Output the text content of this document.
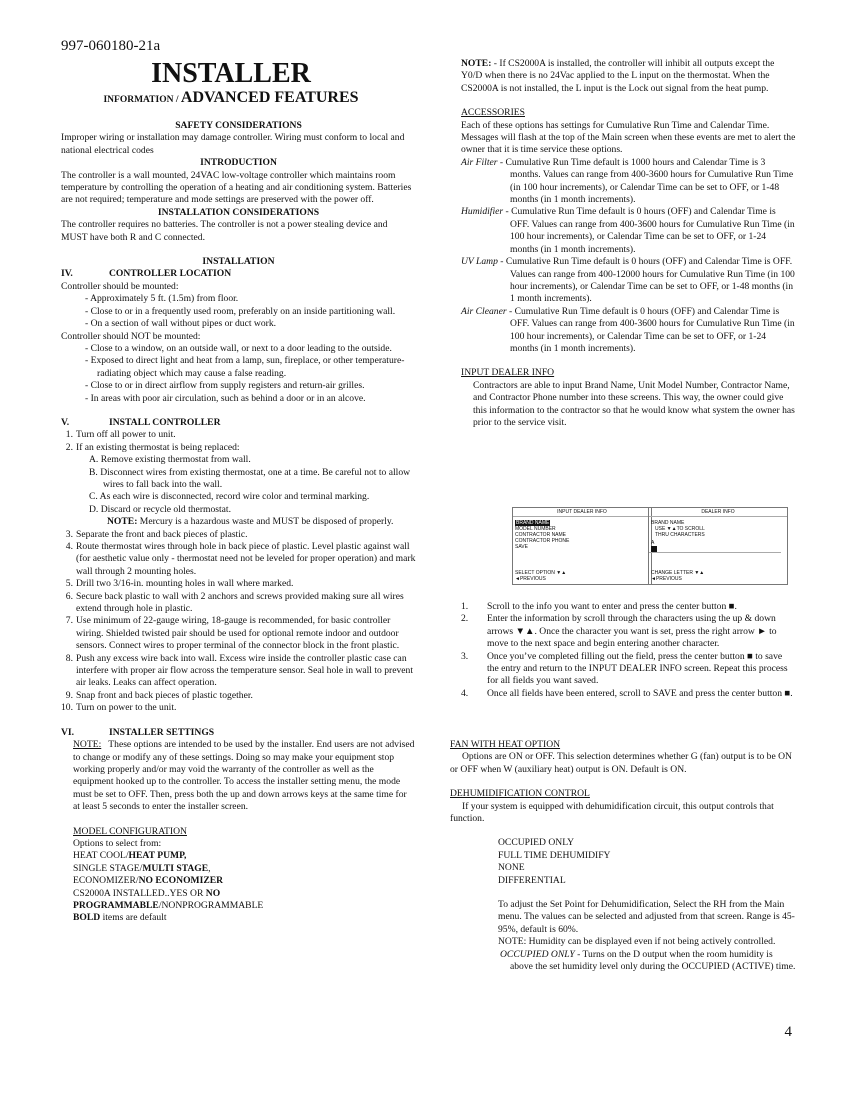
997-060180-21a
INSTALLER
INFORMATION / ADVANCED FEATURES

SAFETY CONSIDERATIONS

Improper wiring or installation may damage controller. Wiring must conform to local and national electrical codes

INTRODUCTION

The controller is a wall mounted, 24VAC low-voltage controller which maintains room temperature by controlling the operation of a heating and air conditioning system. Batteries are not required; temperature and mode settings are preserved with the power off.

INSTALLATION CONSIDERATIONS

The controller requires no batteries. The controller is not a power stealing device and MUST have both R and C connected.

INSTALLATION

IV.	CONTROLLER LOCATION

Controller should be mounted:

- Approximately 5 ft. (1.5m) from floor.

- Close to or in a frequently used room, preferably on an inside partitioning wall.

- On a section of wall without pipes or duct work.

Controller should NOT be mounted:

- Close to a window, on an outside wall, or next to a door leading to the outside.

- Exposed to direct light and heat from a lamp, sun, fireplace, or other temperature-radiating object which may cause a false reading.

- Close to or in direct airflow from supply registers and return-air grilles.

- In areas with poor air circulation, such as behind a door or in an alcove.

V.	INSTALL CONTROLLER

1. Turn off all power to unit.
2. If an existing thermostat is being replaced:

A. Remove existing thermostat from wall.

B. Disconnect wires from existing thermostat, one at a time. Be careful not to allow wires to fall back into the wall.

C. As each wire is disconnected, record wire color and terminal marking.

D. Discard or recycle old thermostat.

NOTE: Mercury is a hazardous waste and MUST be disposed of properly.

3. Separate the front and back pieces of plastic.
4. Route thermostat wires through hole in back piece of plastic. Level plastic against wall (for aesthetic value only - thermostat need not be leveled for proper operation) and mark wall through 2 mounting holes.
5. Drill two 3/16-in. mounting holes in wall where marked.
6. Secure back plastic to wall with 2 anchors and screws provided making sure all wires extend through hole in plastic.
7. Use minimum of 22-gauge wiring, 18-gauge is recommended, for basic controller wiring. Shielded twisted pair should be used for optional remote indoor and outdoor sensors. Connect wires to proper terminal of the connector block in the front plastic.
8. Push any excess wire back into wall. Excess wire inside the controller plastic case can interfere with proper air flow across the temperature sensor. Seal hole in wall to prevent air leaks. Leaks can affect operation.
9. Snap front and back pieces of plastic together.
10. Turn on power to the unit.

VI.	INSTALLER SETTINGS

NOTE: These options are intended to be used by the installer. End users are not advised to change or modify any of these settings. Doing so may make your equipment stop working properly and/or may void the warranty of the controller as well as the equipment hooked up to the controller. To access the installer setting menu, the mode must be set to OFF. Then, press both the up and down arrows keys at the same time for at least 5 seconds to enter the installer screen.

MODEL CONFIGURATION

Options to select from:

HEAT COOL/HEAT PUMP,

SINGLE STAGE/MULTI STAGE,

ECONOMIZER/NO ECONOMIZER

CS2000A INSTALLED..YES OR NO

PROGRAMMABLE/NONPROGRAMMABLE

BOLD items are default

NOTE: - If CS2000A is installed, the controller will inhibit all outputs except the Y0/D when there is no 24Vac applied to the L input on the thermostat. When the CS2000A is not installed, the L input is the Lock out signal from the heat pump.

ACCESSORIES

Each of these options has settings for Cumulative Run Time and Calendar Time. Messages will flash at the top of the Main screen when these events are met to alert the owner that it is time service these options.

Air Filter - Cumulative Run Time default is 1000 hours and Calendar Time is 3 months. Values can range from 400-3600 hours for Cumulative Run Time (in 100 hour increments), or Calendar Time can be set to OFF, or 1-48 months (in 1 month increments).

Humidifier - Cumulative Run Time default is 0 hours (OFF) and Calendar Time is OFF. Values can range from 400-3600 hours for Cumulative Run Time (in 100 hour increments), or Calendar Time can be set to OFF, or 1-24 months (in 1 month increments).

UV Lamp - Cumulative Run Time default is 0 hours (OFF) and Calendar Time is OFF. Values can range from 400-12000 hours for Cumulative Run Time (in 100 hour increments), or Calendar Time can be set to OFF, or 1-48 months (in 1 month increments).

Air Cleaner - Cumulative Run Time default is 0 hours (OFF) and Calendar Time is OFF. Values can range from 400-3600 hours for Cumulative Run Time (in 100 hour increments), or Calendar Time can be set to OFF, or 1-24 months (in 1 month increments).

INPUT DEALER INFO

Contractors are able to input Brand Name, Unit Model Number, Contractor Name, and Contractor Phone number into these screens. This way, the owner could give this information to the contractor so that he would know what system the owner has prior to the service visit.

INPUT DEALER INFO
BRAND NAME
MODEL NUMBER
CONTRACTOR NAME
CONTRACTOR PHONE
SAVE
SELECT OPTION ▼▲
◄PREVIOUS
DEALER INFO
BRAND NAME
USE ▼▲TO SCROLL
THRU CHARACTERS
A

CHANGE LETTER ▼▲
◄PREVIOUS
1.	Scroll to the info you want to enter and press the center button ■.
2.	Enter the information by scroll through the characters using the up & down arrows ▼▲. Once the character you want is set, press the right arrow ► to move to the next space and begin entering another character.
3.	Once you’ve completed filling out the field, press the center button ■ to save the entry and return to the INPUT DEALER INFO screen. Repeat this process for all fields you want saved.
4.	Once all fields have been entered, scroll to SAVE and press the center button ■.

FAN WITH HEAT OPTION

Options are ON or OFF. This selection determines whether G (fan) output is to be ON or OFF when W (auxiliary heat) output is ON. Default is ON.

DEHUMIDIFICATION CONTROL

If your system is equipped with dehumidification circuit, this output controls that function.

OCCUPIED ONLY

FULL TIME DEHUMIDIFY

NONE

DIFFERENTIAL

To adjust the Set Point for Dehumidification, Select the RH from the Main menu. The values can be selected and adjusted from that screen. Range is 45-95%, default is 60%.

NOTE: Humidity can be displayed even if not being actively controlled.

OCCUPIED ONLY - Turns on the D output when the room humidity is above the set humidity level only during the OCCUPIED (ACTIVE) time.

4
